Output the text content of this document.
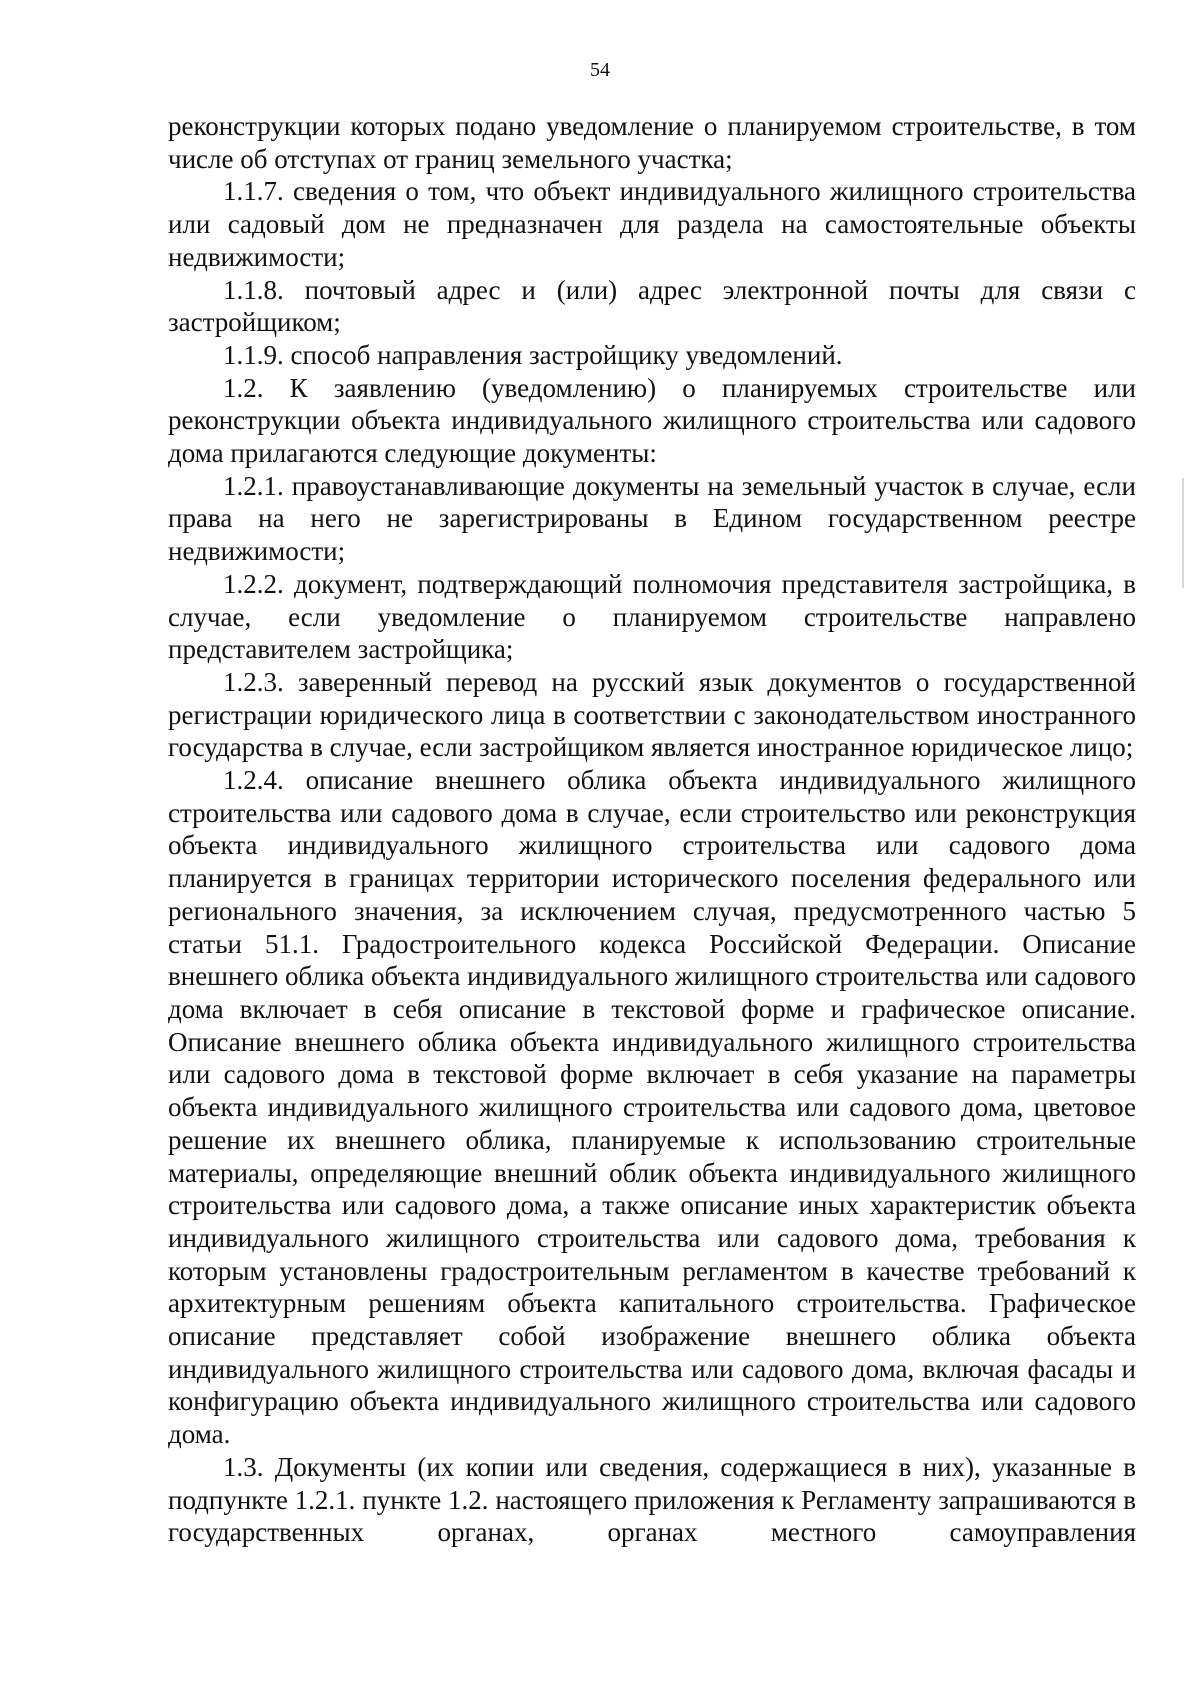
54

реконструкции которых подано уведомление о планируемом строительстве, в том числе об отступах от границ земельного участка;

1.1.7. сведения о том, что объект индивидуального жилищного строительства или садовый дом не предназначен для раздела на самостоятельные объекты недвижимости;

1.1.8. почтовый адрес и (или) адрес электронной почты для связи с застройщиком;

1.1.9. способ направления застройщику уведомлений.

1.2. К заявлению (уведомлению) о планируемых строительстве или реконструкции объекта индивидуального жилищного строительства или садового дома прилагаются следующие документы:

1.2.1. правоустанавливающие документы на земельный участок в случае, если права на него не зарегистрированы в Едином государственном реестре недвижимости;

1.2.2. документ, подтверждающий полномочия представителя застройщика, в случае, если уведомление о планируемом строительстве направлено представителем застройщика;

1.2.3. заверенный перевод на русский язык документов о государственной регистрации юридического лица в соответствии с законодательством иностранного государства в случае, если застройщиком является иностранное юридическое лицо;

1.2.4. описание внешнего облика объекта индивидуального жилищного строительства или садового дома в случае, если строительство или реконструкция объекта индивидуального жилищного строительства или садового дома планируется в границах территории исторического поселения федерального или регионального значения, за исключением случая, предусмотренного частью 5 статьи 51.1. Градостроительного кодекса Российской Федерации. Описание внешнего облика объекта индивидуального жилищного строительства или садового дома включает в себя описание в текстовой форме и графическое описание. Описание внешнего облика объекта индивидуального жилищного строительства или садового дома в текстовой форме включает в себя указание на параметры объекта индивидуального жилищного строительства или садового дома, цветовое решение их внешнего облика, планируемые к использованию строительные материалы, определяющие внешний облик объекта индивидуального жилищного строительства или садового дома, а также описание иных характеристик объекта индивидуального жилищного строительства или садового дома, требования к которым установлены градостроительным регламентом в качестве требований к архитектурным решениям объекта капитального строительства. Графическое описание представляет собой изображение внешнего облика объекта индивидуального жилищного строительства или садового дома, включая фасады и конфигурацию объекта индивидуального жилищного строительства или садового дома.

1.3. Документы (их копии или сведения, содержащиеся в них), указанные в подпункте 1.2.1. пункте 1.2. настоящего приложения к Регламенту запрашиваются в государственных органах, органах местного самоуправления
